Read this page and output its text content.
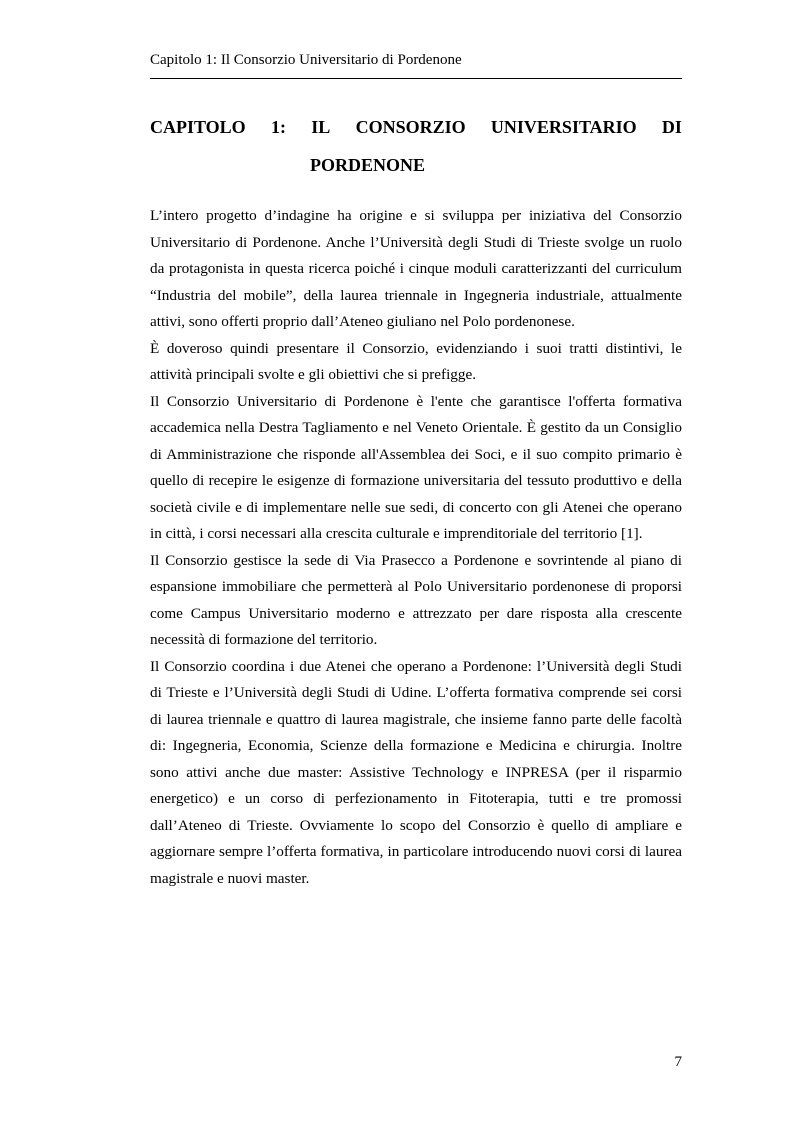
Capitolo 1: Il Consorzio Universitario di Pordenone
CAPITOLO 1: IL CONSORZIO UNIVERSITARIO DI
PORDENONE

L’intero progetto d’indagine ha origine e si sviluppa per iniziativa del Consorzio Universitario di Pordenone. Anche l’Università degli Studi di Trieste svolge un ruolo da protagonista in questa ricerca poiché i cinque moduli caratterizzanti del curriculum “Industria del mobile”, della laurea triennale in Ingegneria industriale, attualmente attivi, sono offerti proprio dall’Ateneo giuliano nel Polo pordenonese.

È doveroso quindi presentare il Consorzio, evidenziando i suoi tratti distintivi, le attività principali svolte e gli obiettivi che si prefigge.

Il Consorzio Universitario di Pordenone è l'ente che garantisce l'offerta formativa accademica nella Destra Tagliamento e nel Veneto Orientale. È gestito da un Consiglio di Amministrazione che risponde all'Assemblea dei Soci, e il suo compito primario è quello di recepire le esigenze di formazione universitaria del tessuto produttivo e della società civile e di implementare nelle sue sedi, di concerto con gli Atenei che operano in città, i corsi necessari alla crescita culturale e imprenditoriale del territorio [1].

Il Consorzio gestisce la sede di Via Prasecco a Pordenone e sovrintende al piano di espansione immobiliare che permetterà al Polo Universitario pordenonese di proporsi come Campus Universitario moderno e attrezzato per dare risposta alla crescente necessità di formazione del territorio.

Il Consorzio coordina i due Atenei che operano a Pordenone: l’Università degli Studi di Trieste e l’Università degli Studi di Udine. L’offerta formativa comprende sei corsi di laurea triennale e quattro di laurea magistrale, che insieme fanno parte delle facoltà di: Ingegneria, Economia, Scienze della formazione e Medicina e chirurgia. Inoltre sono attivi anche due master: Assistive Technology e INPRESA (per il risparmio energetico) e un corso di perfezionamento in Fitoterapia, tutti e tre promossi dall’Ateneo di Trieste. Ovviamente lo scopo del Consorzio è quello di ampliare e aggiornare sempre l’offerta formativa, in particolare introducendo nuovi corsi di laurea magistrale e nuovi master.

7
